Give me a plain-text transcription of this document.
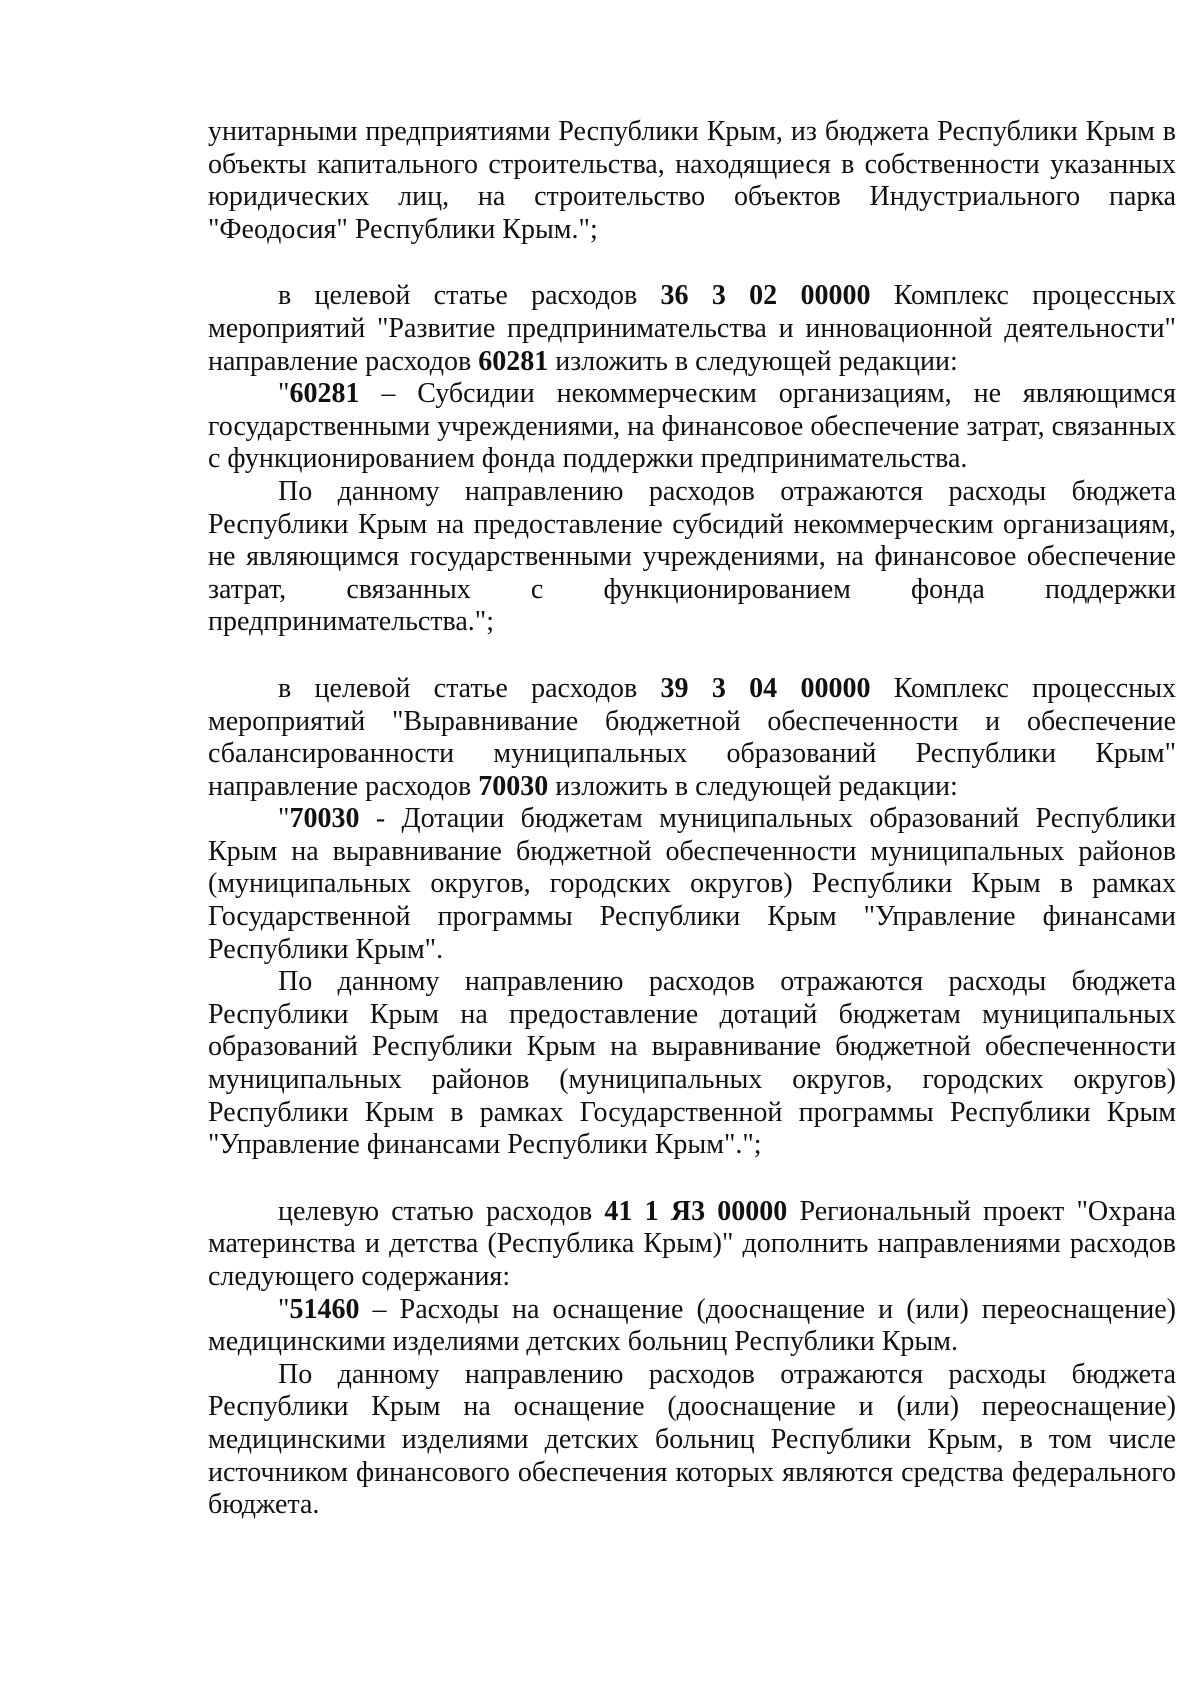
унитарными предприятиями Республики Крым, из бюджета Республики Крым в объекты капитального строительства, находящиеся в собственности указанных юридических лиц, на строительство объектов Индустриального парка "Феодосия" Республики Крым.";

в целевой статье расходов 36 3 02 00000 Комплекс процессных мероприятий "Развитие предпринимательства и инновационной деятельности" направление расходов 60281 изложить в следующей редакции:

"60281 – Субсидии некоммерческим организациям, не являющимся государственными учреждениями, на финансовое обеспечение затрат, связанных с функционированием фонда поддержки предпринимательства.

По данному направлению расходов отражаются расходы бюджета Республики Крым на предоставление субсидий некоммерческим организациям, не являющимся государственными учреждениями, на финансовое обеспечение затрат, связанных с функционированием фонда поддержки предпринимательства.";

в целевой статье расходов 39 3 04 00000 Комплекс процессных мероприятий "Выравнивание бюджетной обеспеченности и обеспечение сбалансированности муниципальных образований Республики Крым" направление расходов 70030 изложить в следующей редакции:

"70030 - Дотации бюджетам муниципальных образований Республики Крым на выравнивание бюджетной обеспеченности муниципальных районов (муниципальных округов, городских округов) Республики Крым в рамках Государственной программы Республики Крым "Управление финансами Республики Крым".

По данному направлению расходов отражаются расходы бюджета Республики Крым на предоставление дотаций бюджетам муниципальных образований Республики Крым на выравнивание бюджетной обеспеченности муниципальных районов (муниципальных округов, городских округов) Республики Крым в рамках Государственной программы Республики Крым "Управление финансами Республики Крым".";

целевую статью расходов 41 1 Я3 00000 Региональный проект "Охрана материнства и детства (Республика Крым)" дополнить направлениями расходов следующего содержания:

"51460 – Расходы на оснащение (дооснащение и (или) переоснащение) медицинскими изделиями детских больниц Республики Крым.

По данному направлению расходов отражаются расходы бюджета Республики Крым на оснащение (дооснащение и (или) переоснащение) медицинскими изделиями детских больниц Республики Крым, в том числе источником финансового обеспечения которых являются средства федерального бюджета.
